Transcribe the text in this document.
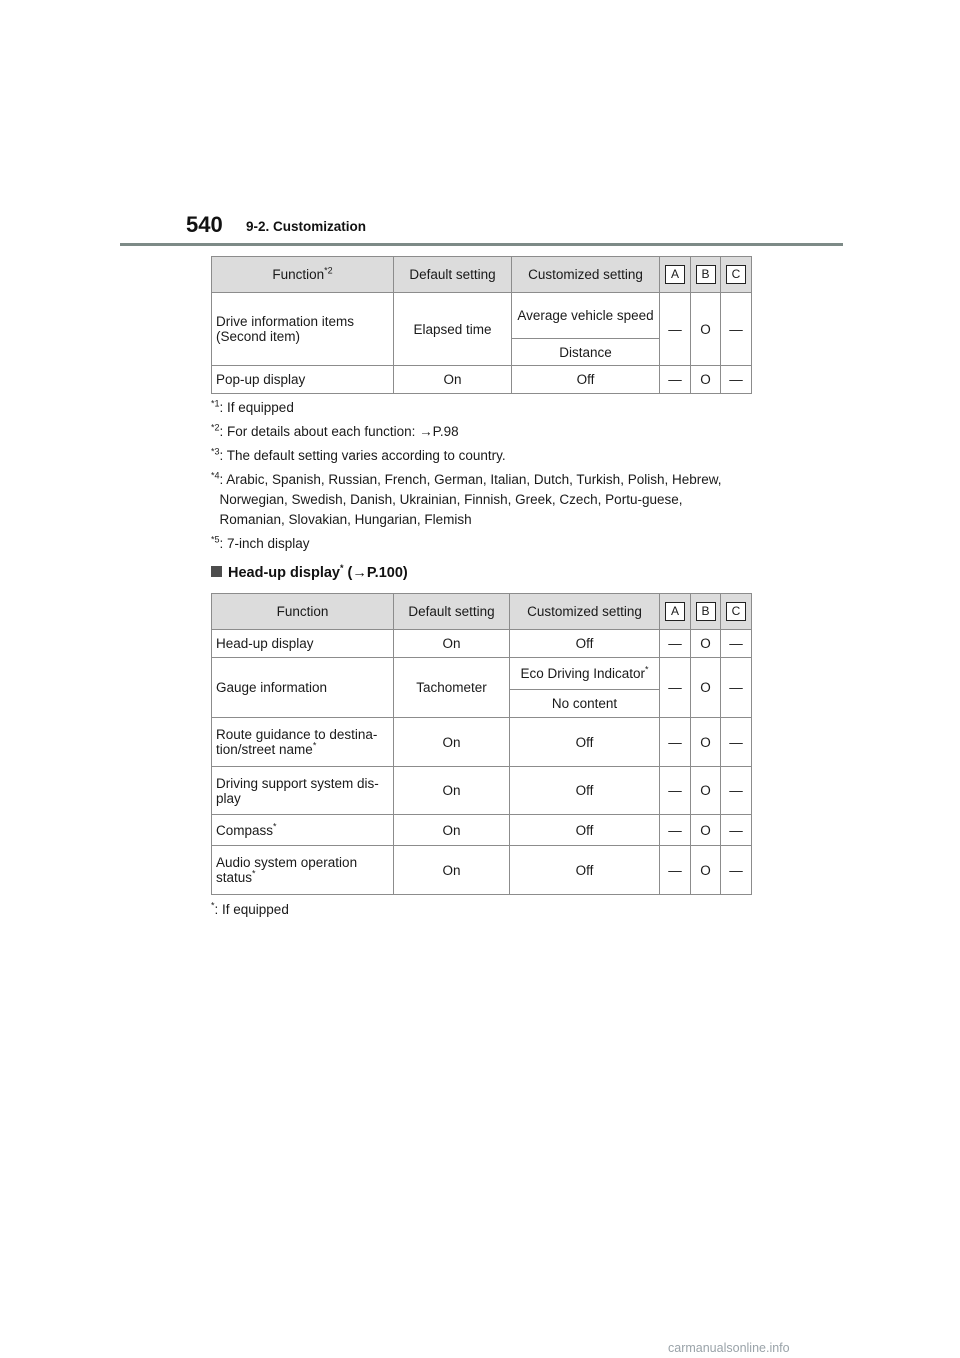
540 9-2. Customization
Function$^{*2}$	Default setting	Customized setting	A	B	C

Drive information items
(Second item)	Elapsed time	Average vehicle speed	—	O	—
		Distance			
Pop-up display	On	Off	—	O	—
$^{*1}$ : If equipped
$^{*2}$ : For details about each function: →P.98
$^{*3}$ : The default setting varies according to country.
$^{*4}$ : Arabic, Spanish, Russian, French, German, Italian, Dutch, Turkish, Polish, Hebrew, Norwegian, Swedish, Danish, Ukrainian, Finnish, Greek, Czech, Portu-guese, Romanian, Slovakian, Hungarian, Flemish
$^{*5}$ : 7-inch display
Head-up display* (→P.100)
Function	Default setting	Customized setting	A	B	C
Head-up display	On	Off	—	O	—
Gauge information	Tachometer	Eco Driving Indicator*	—	O	—
		No content			
Route guidance to destina-tion/street name*	On	Off	—	O	—
Driving support system dis-play	On	Off	—	O	—
Compass*	On	Off	—	O	—
Audio system operation status*	On	Off	—	O	—
*: If equipped
carmanualsonline.info
